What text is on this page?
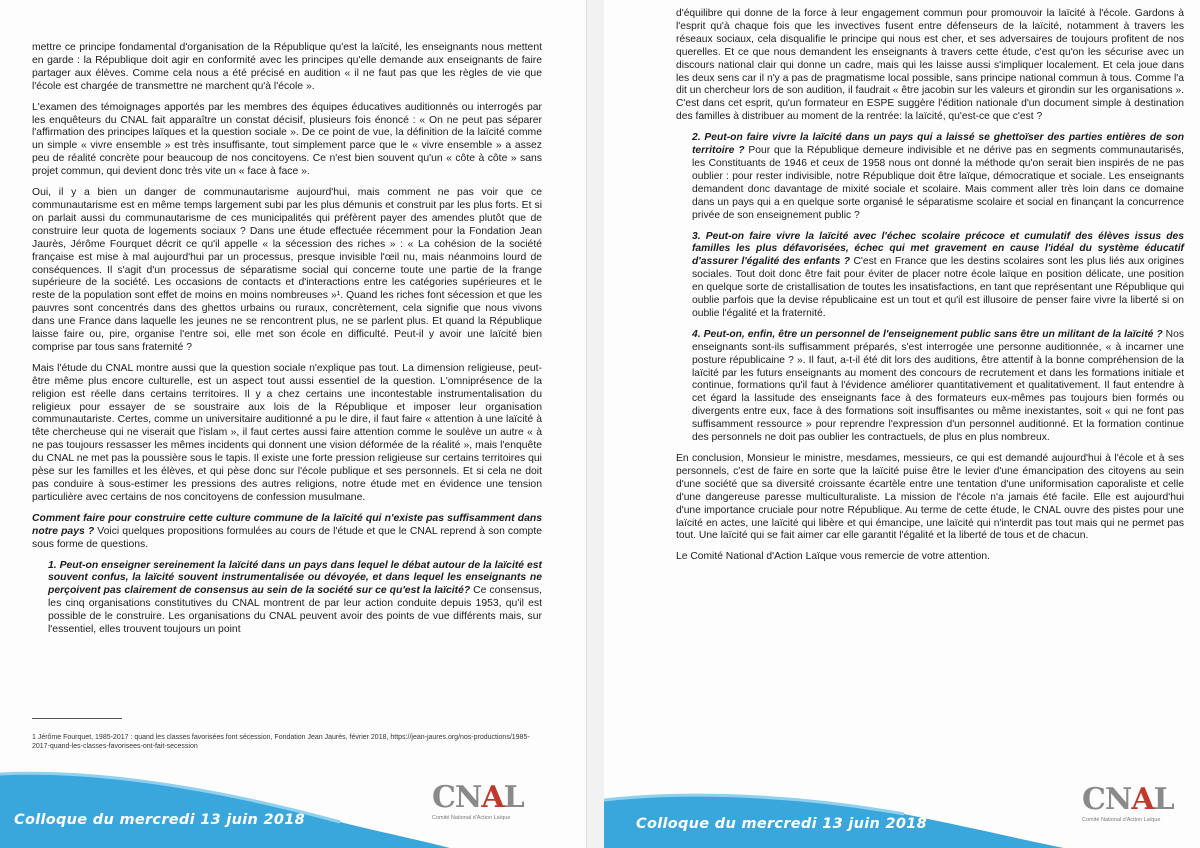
mettre ce principe fondamental d'organisation de la République qu'est la laïcité, les enseignants nous mettent en garde : la République doit agir en conformité avec les principes qu'elle demande aux enseignants de faire partager aux élèves. Comme cela nous a été précisé en audition « il ne faut pas que les règles de vie que l'école est chargée de transmettre ne marchent qu'à l'école ».

L'examen des témoignages apportés par les membres des équipes éducatives auditionnés ou interrogés par les enquêteurs du CNAL fait apparaître un constat décisif, plusieurs fois énoncé : « On ne peut pas séparer l'affirmation des principes laïques et la question sociale ». De ce point de vue, la définition de la laïcité comme un simple « vivre ensemble » est très insuffisante, tout simplement parce que le « vivre ensemble » a assez peu de réalité concrète pour beaucoup de nos concitoyens. Ce n'est bien souvent qu'un « côte à côte » sans projet commun, qui devient donc très vite un « face à face ».

Oui, il y a bien un danger de communautarisme aujourd'hui, mais comment ne pas voir que ce communautarisme est en même temps largement subi par les plus démunis et construit par les plus forts. Et si on parlait aussi du communautarisme de ces municipalités qui préfèrent payer des amendes plutôt que de construire leur quota de logements sociaux ? Dans une étude effectuée récemment pour la Fondation Jean Jaurès, Jérôme Fourquet décrit ce qu'il appelle « la sécession des riches » : « La cohésion de la société française est mise à mal aujourd'hui par un processus, presque invisible l'œil nu, mais néanmoins lourd de conséquences. Il s'agit d'un processus de séparatisme social qui concerne toute une partie de la frange supérieure de la société. Les occasions de contacts et d'interactions entre les catégories supérieures et le reste de la population sont effet de moins en moins nombreuses »¹. Quand les riches font sécession et que les pauvres sont concentrés dans des ghettos urbains ou ruraux, concrètement, cela signifie que nous vivons dans une France dans laquelle les jeunes ne se rencontrent plus, ne se parlent plus. Et quand la République laisse faire ou, pire, organise l'entre soi, elle met son école en difficulté. Peut-il y avoir une laïcité bien comprise par tous sans fraternité ?

Mais l'étude du CNAL montre aussi que la question sociale n'explique pas tout. La dimension religieuse, peut-être même plus encore culturelle, est un aspect tout aussi essentiel de la question. L'omniprésence de la religion est réelle dans certains territoires. Il y a chez certains une incontestable instrumentalisation du religieux pour essayer de se soustraire aux lois de la République et imposer leur organisation communautariste. Certes, comme un universitaire auditionné a pu le dire, il faut faire « attention à une laïcité à tête chercheuse qui ne viserait que l'islam », il faut certes aussi faire attention comme le soulève un autre « à ne pas toujours ressasser les mêmes incidents qui donnent une vision déformée de la réalité », mais l'enquête du CNAL ne met pas la poussière sous le tapis. Il existe une forte pression religieuse sur certains territoires qui pèse sur les familles et les élèves, et qui pèse donc sur l'école publique et ses personnels. Et si cela ne doit pas conduire à sous-estimer les pressions des autres religions, notre étude met en évidence une tension particulière avec certains de nos concitoyens de confession musulmane.

Comment faire pour construire cette culture commune de la laïcité qui n'existe pas suffisamment dans notre pays ? Voici quelques propositions formulées au cours de l'étude et que le CNAL reprend à son compte sous forme de questions.

1. Peut-on enseigner sereinement la laïcité dans un pays dans lequel le débat autour de la laïcité est souvent confus, la laïcité souvent instrumentalisée ou dévoyée, et dans lequel les enseignants ne perçoivent pas clairement de consensus au sein de la société sur ce qu'est la laïcité? Ce consensus, les cinq organisations constitutives du CNAL montrent de par leur action conduite depuis 1953, qu'il est possible de le construire. Les organisations du CNAL peuvent avoir des points de vue différents mais, sur l'essentiel, elles trouvent toujours un point

1 Jérôme Fourquet, 1985-2017 : quand les classes favorisées font sécession, Fondation Jean Jaurès, février 2018, https://jean-jaures.org/nos-productions/1985-2017-quand-les-classes-favorisees-ont-fait-secession
Colloque du mercredi 13 juin 2018
CNAL
Comité National d'Action Laïque

d'équilibre qui donne de la force à leur engagement commun pour promouvoir la laïcité à l'école. Gardons à l'esprit qu'à chaque fois que les invectives fusent entre défenseurs de la laïcité, notamment à travers les réseaux sociaux, cela disqualifie le principe qui nous est cher, et ses adversaires de toujours profitent de nos querelles. Et ce que nous demandent les enseignants à travers cette étude, c'est qu'on les sécurise avec un discours national clair qui donne un cadre, mais qui les laisse aussi s'impliquer localement. Et cela joue dans les deux sens car il n'y a pas de pragmatisme local possible, sans principe national commun à tous. Comme l'a dit un chercheur lors de son audition, il faudrait « être jacobin sur les valeurs et girondin sur les organisations ». C'est dans cet esprit, qu'un formateur en ESPE suggère l'édition nationale d'un document simple à destination des familles à distribuer au moment de la rentrée: la laïcité, qu'est-ce que c'est ?

2. Peut-on faire vivre la laïcité dans un pays qui a laissé se ghettoïser des parties entières de son territoire ? Pour que la République demeure indivisible et ne dérive pas en segments communautarisés, les Constituants de 1946 et ceux de 1958 nous ont donné la méthode qu'on serait bien inspirés de ne pas oublier : pour rester indivisible, notre République doit être laïque, démocratique et sociale. Les enseignants demandent donc davantage de mixité sociale et scolaire. Mais comment aller très loin dans ce domaine dans un pays qui a en quelque sorte organisé le séparatisme scolaire et social en finançant la concurrence privée de son enseignement public ?

3. Peut-on faire vivre la laïcité avec l'échec scolaire précoce et cumulatif des élèves issus des familles les plus défavorisées, échec qui met gravement en cause l'idéal du système éducatif d'assurer l'égalité des enfants ? C'est en France que les destins scolaires sont les plus liés aux origines sociales. Tout doit donc être fait pour éviter de placer notre école laïque en position délicate, une position en quelque sorte de cristallisation de toutes les insatisfactions, en tant que représentant une République qui oublie parfois que la devise républicaine est un tout et qu'il est illusoire de penser faire vivre la liberté si on oublie l'égalité et la fraternité.

4. Peut-on, enfin, être un personnel de l'enseignement public sans être un militant de la laïcité ? Nos enseignants sont-ils suffisamment préparés, s'est interrogée une personne auditionnée, « à incarner une posture républicaine ? ». Il faut, a-t-il été dit lors des auditions, être attentif à la bonne compréhension de la laïcité par les futurs enseignants au moment des concours de recrutement et dans les formations initiale et continue, formations qu'il faut à l'évidence améliorer quantitativement et qualitativement. Il faut entendre à cet égard la lassitude des enseignants face à des formateurs eux-mêmes pas toujours bien formés ou divergents entre eux, face à des formations soit insuffisantes ou même inexistantes, soit « qui ne font pas suffisamment ressource » pour reprendre l'expression d'un personnel auditionné. Et la formation continue des personnels ne doit pas oublier les contractuels, de plus en plus nombreux.

En conclusion, Monsieur le ministre, mesdames, messieurs, ce qui est demandé aujourd'hui à l'école et à ses personnels, c'est de faire en sorte que la laïcité puise être le levier d'une émancipation des citoyens au sein d'une société que sa diversité croissante écartèle entre une tentation d'une uniformisation caporaliste et celle d'une dangereuse paresse multiculturaliste. La mission de l'école n'a jamais été facile. Elle est aujourd'hui d'une importance cruciale pour notre République. Au terme de cette étude, le CNAL ouvre des pistes pour une laïcité en actes, une laïcité qui libère et qui émancipe, une laïcité qui n'interdit pas tout mais qui ne permet pas tout. Une laïcité qui se fait aimer car elle garantit l'égalité et la liberté de tous et de chacun.

Le Comité National d'Action Laïque vous remercie de votre attention.

Colloque du mercredi 13 juin 2018
CNAL
Comité National d'Action Laïque
